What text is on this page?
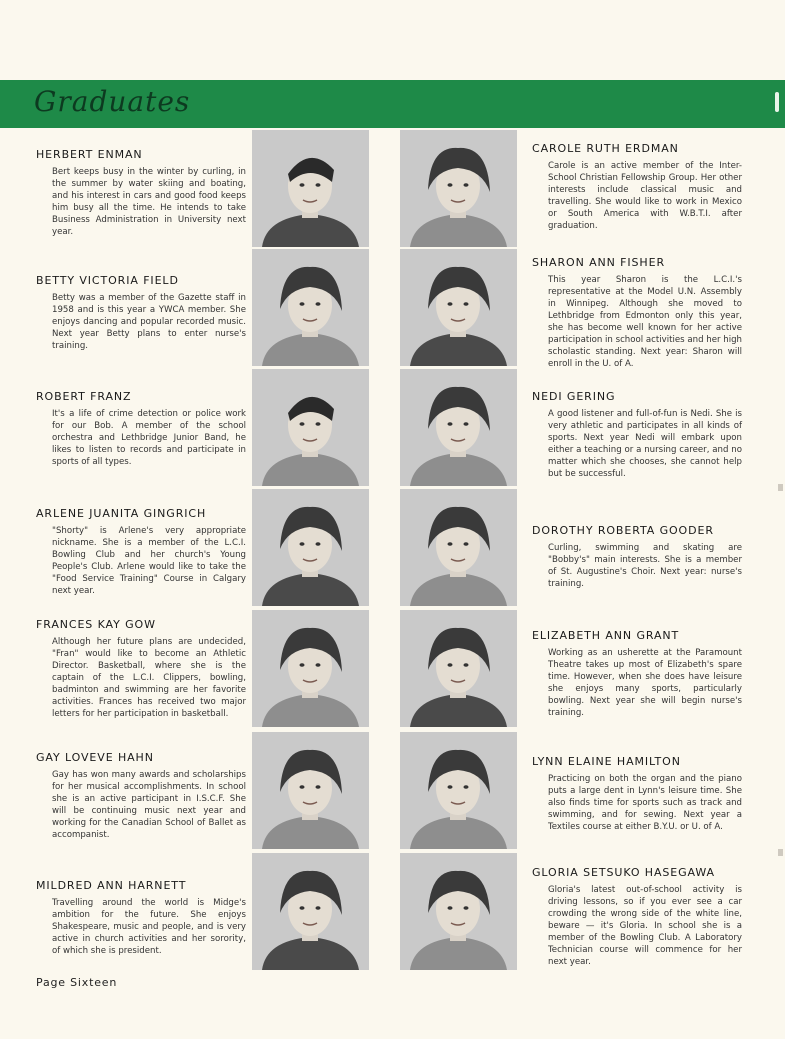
Graduates
HERBERT ENMAN
Bert keeps busy in the winter by curling, in the summer by water skiing and boating, and his interest in cars and good food keeps him busy all the time. He intends to take Business Administration in University next year.
BETTY VICTORIA FIELD
Betty was a member of the Gazette staff in 1958 and is this year a YWCA member. She enjoys dancing and popular recorded music. Next year Betty plans to enter nurse's training.
ROBERT FRANZ
It's a life of crime detection or police work for our Bob. A member of the school orchestra and Lethbridge Junior Band, he likes to listen to records and participate in sports of all types.
ARLENE JUANITA GINGRICH
"Shorty" is Arlene's very appropriate nickname. She is a member of the L.C.I. Bowling Club and her church's Young People's Club. Arlene would like to take the "Food Service Training" Course in Calgary next year.
FRANCES KAY GOW
Although her future plans are undecided, "Fran" would like to become an Athletic Director. Basketball, where she is the captain of the L.C.I. Clippers, bowling, badminton and swimming are her favorite activities. Frances has received two major letters for her participation in basketball.
GAY LOVEVE HAHN
Gay has won many awards and scholarships for her musical accomplishments. In school she is an active participant in I.S.C.F. She will be continuing music next year and working for the Canadian School of Ballet as accompanist.
MILDRED ANN HARNETT
Travelling around the world is Midge's ambition for the future. She enjoys Shakespeare, music and people, and is very active in church activities and her sorority, of which she is president.
CAROLE RUTH ERDMAN
Carole is an active member of the Inter-School Christian Fellowship Group. Her other interests include classical music and travelling. She would like to work in Mexico or South America with W.B.T.I. after graduation.
SHARON ANN FISHER
This year Sharon is the L.C.I.'s representative at the Model U.N. Assembly in Winnipeg. Although she moved to Lethbridge from Edmonton only this year, she has become well known for her active participation in school activities and her high scholastic standing. Next year: Sharon will enroll in the U. of A.
NEDI GERING
A good listener and full-of-fun is Nedi. She is very athletic and participates in all kinds of sports. Next year Nedi will embark upon either a teaching or a nursing career, and no matter which she chooses, she cannot help but be successful.
DOROTHY ROBERTA GOODER
Curling, swimming and skating are "Bobby's" main interests. She is a member of St. Augustine's Choir. Next year: nurse's training.
ELIZABETH ANN GRANT
Working as an usherette at the Paramount Theatre takes up most of Elizabeth's spare time. However, when she does have leisure she enjoys many sports, particularly bowling. Next year she will begin nurse's training.
LYNN ELAINE HAMILTON
Practicing on both the organ and the piano puts a large dent in Lynn's leisure time. She also finds time for sports such as track and swimming, and for sewing. Next year a Textiles course at either B.Y.U. or U. of A.
GLORIA SETSUKO HASEGAWA
Gloria's latest out-of-school activity is driving lessons, so if you ever see a car crowding the wrong side of the white line, beware — it's Gloria. In school she is a member of the Bowling Club. A Laboratory Technician course will commence for her next year.
Page Sixteen
